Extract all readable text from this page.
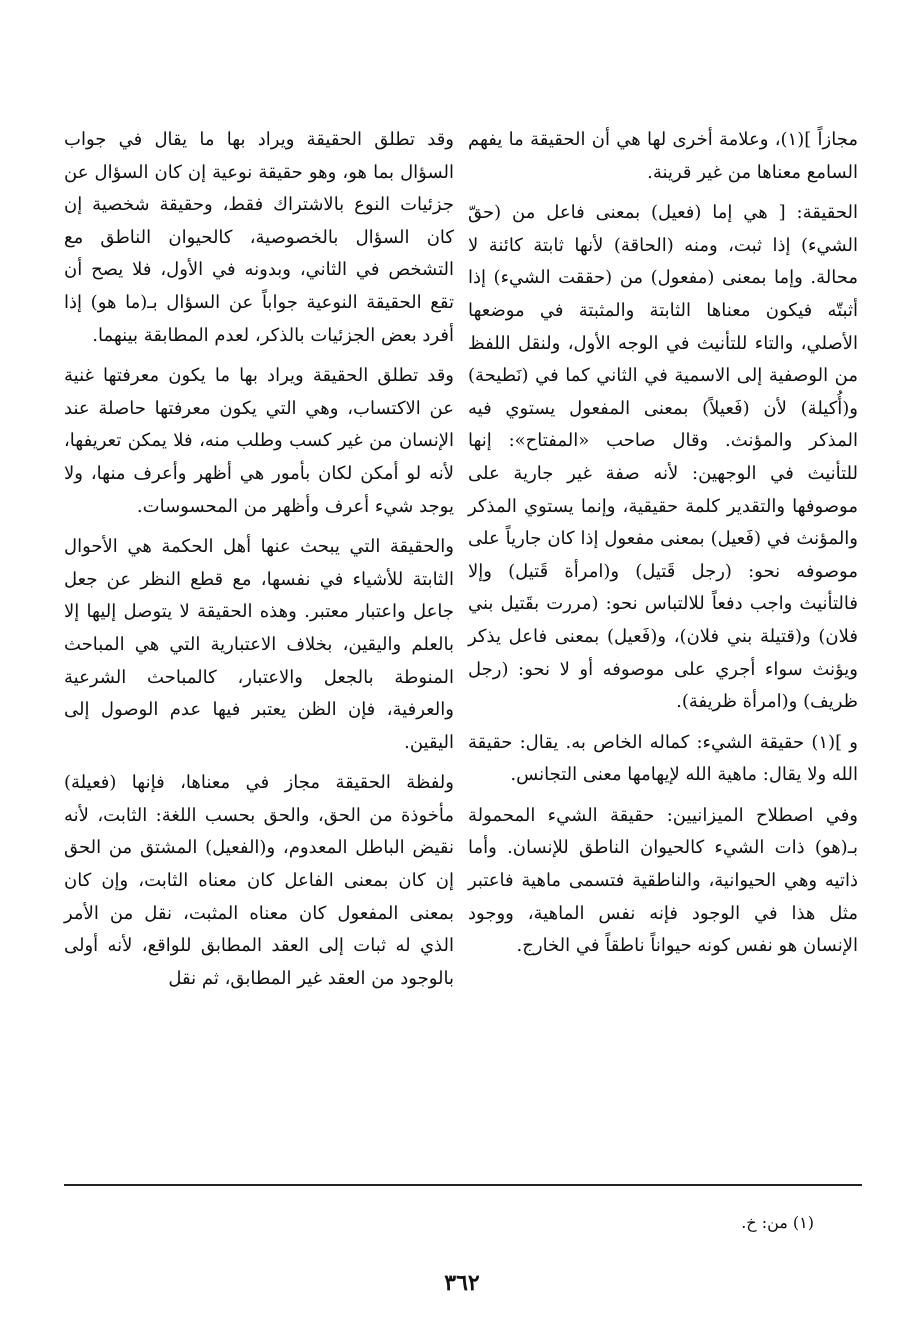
مجازاً ](١)، وعلامة أخرى لها هي أن الحقيقة ما يفهم السامع معناها من غير قرينة.

الحقيقة: [ هي إما (فعيل) بمعنى فاعل من (حقّ الشيء) إذا ثبت، ومنه (الحاقة) لأنها ثابتة كائنة لا محالة. وإما بمعنى (مفعول) من (حققت الشيء) إذا أثبتّه فيكون معناها الثابتة والمثبتة في موضعها الأصلي، والتاء للتأنيث في الوجه الأول، ولنقل اللفظ من الوصفية إلى الاسمية في الثاني كما في (نَطيحة) و(أُكيلة) لأن (فَعيلاً) بمعنى المفعول يستوي فيه المذكر والمؤنث. وقال صاحب «المفتاح»: إنها للتأنيث في الوجهين: لأنه صفة غير جارية على موصوفها والتقدير كلمة حقيقية، وإنما يستوي المذكر والمؤنث في (فَعيل) بمعنى مفعول إذا كان جارياً على موصوفه نحو: (رجل قَتيل) و(امرأة قَتيل) وإلا فالتأنيث واجب دفعاً للالتباس نحو: (مررت بقَتيل بني فلان) و(قتيلة بني فلان)، و(فَعيل) بمعنى فاعل يذكر ويؤنث سواء أجري على موصوفه أو لا نحو: (رجل ظريف) و(امرأة ظريفة).

و ](١) حقيقة الشيء: كماله الخاص به. يقال: حقيقة الله ولا يقال: ماهية الله لإيهامها معنى التجانس.

وفي اصطلاح الميزانيين: حقيقة الشيء المحمولة بـ(هو) ذات الشيء كالحيوان الناطق للإنسان. وأما ذاتيه وهي الحيوانية، والناطقية فتسمى ماهية فاعتبر مثل هذا في الوجود فإنه نفس الماهية، ووجود الإنسان هو نفس كونه حيواناً ناطقاً في الخارج.

وقد تطلق الحقيقة ويراد بها ما يقال في جواب السؤال بما هو، وهو حقيقة نوعية إن كان السؤال عن جزئيات النوع بالاشتراك فقط، وحقيقة شخصية إن كان السؤال بالخصوصية، كالحيوان الناطق مع التشخص في الثاني، وبدونه في الأول، فلا يصح أن تقع الحقيقة النوعية جواباً عن السؤال بـ(ما هو) إذا أفرد بعض الجزئيات بالذكر، لعدم المطابقة بينهما.

وقد تطلق الحقيقة ويراد بها ما يكون معرفتها غنية عن الاكتساب، وهي التي يكون معرفتها حاصلة عند الإنسان من غير كسب وطلب منه، فلا يمكن تعريفها، لأنه لو أمكن لكان بأمور هي أظهر وأعرف منها، ولا يوجد شيء أعرف وأظهر من المحسوسات.

والحقيقة التي يبحث عنها أهل الحكمة هي الأحوال الثابتة للأشياء في نفسها، مع قطع النظر عن جعل جاعل واعتبار معتبر. وهذه الحقيقة لا يتوصل إليها إلا بالعلم واليقين، بخلاف الاعتبارية التي هي المباحث المنوطة بالجعل والاعتبار، كالمباحث الشرعية والعرفية، فإن الظن يعتبر فيها عدم الوصول إلى اليقين.

ولفظة الحقيقة مجاز في معناها، فإنها (فعيلة) مأخوذة من الحق، والحق بحسب اللغة: الثابت، لأنه نقيض الباطل المعدوم، و(الفعيل) المشتق من الحق إن كان بمعنى الفاعل كان معناه الثابت، وإن كان بمعنى المفعول كان معناه المثبت، نقل من الأمر الذي له ثبات إلى العقد المطابق للواقع، لأنه أولى بالوجود من العقد غير المطابق، ثم نقل

(١) من: خ.
٣٦٢
